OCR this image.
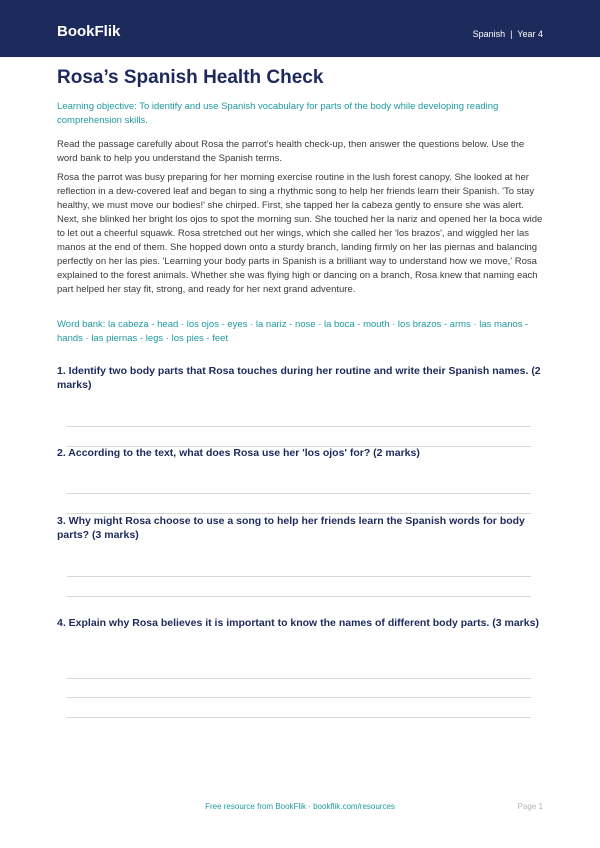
BookFlik	Spanish  |  Year 4
Rosa’s Spanish Health Check
Learning objective: To identify and use Spanish vocabulary for parts of the body while developing reading comprehension skills.
Read the passage carefully about Rosa the parrot’s health check-up, then answer the questions below. Use the word bank to help you understand the Spanish terms.
Rosa the parrot was busy preparing for her morning exercise routine in the lush forest canopy. She looked at her reflection in a dew-covered leaf and began to sing a rhythmic song to help her friends learn their Spanish. 'To stay healthy, we must move our bodies!' she chirped. First, she tapped her la cabeza gently to ensure she was alert. Next, she blinked her bright los ojos to spot the morning sun. She touched her la nariz and opened her la boca wide to let out a cheerful squawk. Rosa stretched out her wings, which she called her 'los brazos', and wiggled her las manos at the end of them. She hopped down onto a sturdy branch, landing firmly on her las piernas and balancing perfectly on her las pies. 'Learning your body parts in Spanish is a brilliant way to understand how we move,' Rosa explained to the forest animals. Whether she was flying high or dancing on a branch, Rosa knew that naming each part helped her stay fit, strong, and ready for her next grand adventure.
Word bank: la cabeza - head · los ojos - eyes · la nariz - nose · la boca - mouth · los brazos - arms · las manos - hands · las piernas - legs · los pies - feet
1. Identify two body parts that Rosa touches during her routine and write their Spanish names. (2 marks)
2. According to the text, what does Rosa use her 'los ojos' for? (2 marks)
3. Why might Rosa choose to use a song to help her friends learn the Spanish words for body parts? (3 marks)
4. Explain why Rosa believes it is important to know the names of different body parts. (3 marks)
Free resource from BookFlik · bookflik.com/resources	Page 1
